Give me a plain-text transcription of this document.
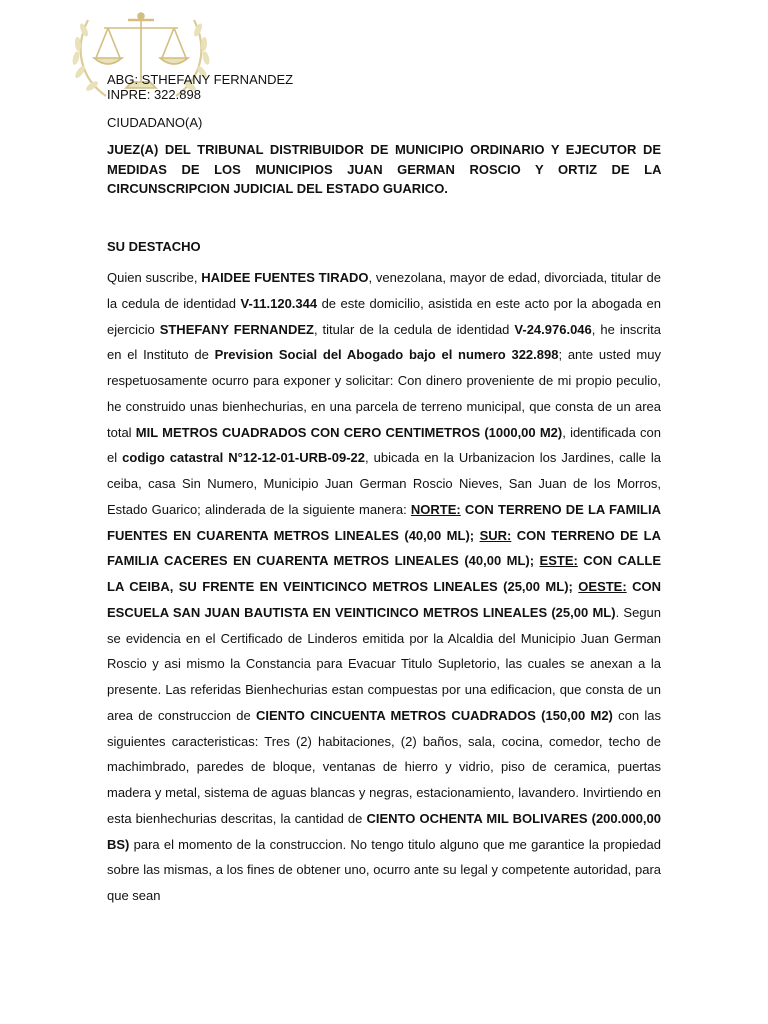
ABG: STHEFANY FERNANDEZ
INPRE: 322.898
CIUDADANO(A)
JUEZ(A) DEL TRIBUNAL DISTRIBUIDOR DE MUNICIPIO ORDINARIO Y EJECUTOR DE MEDIDAS DE LOS MUNICIPIOS JUAN GERMAN ROSCIO Y ORTIZ DE LA CIRCUNSCRIPCION JUDICIAL DEL ESTADO GUARICO.
SU DESTACHO
Quien suscribe, HAIDEE FUENTES TIRADO, venezolana, mayor de edad, divorciada, titular de la cedula de identidad V-11.120.344 de este domicilio, asistida en este acto por la abogada en ejercicio STHEFANY FERNANDEZ, titular de la cedula de identidad V-24.976.046, he inscrita en el Instituto de Prevision Social del Abogado bajo el numero 322.898; ante usted muy respetuosamente ocurro para exponer y solicitar: Con dinero proveniente de mi propio peculio, he construido unas bienhechurias, en una parcela de terreno municipal, que consta de un area total MIL METROS CUADRADOS CON CERO CENTIMETROS (1000,00 M2), identificada con el codigo catastral N°12-12-01-URB-09-22, ubicada en la Urbanizacion los Jardines, calle la ceiba, casa Sin Numero, Municipio Juan German Roscio Nieves, San Juan de los Morros, Estado Guarico; alinderada de la siguiente manera: NORTE: CON TERRENO DE LA FAMILIA FUENTES EN CUARENTA METROS LINEALES (40,00 ML); SUR: CON TERRENO DE LA FAMILIA CACERES EN CUARENTA METROS LINEALES (40,00 ML); ESTE: CON CALLE LA CEIBA, SU FRENTE EN VEINTICINCO METROS LINEALES (25,00 ML); OESTE: CON ESCUELA SAN JUAN BAUTISTA EN VEINTICINCO METROS LINEALES (25,00 ML). Segun se evidencia en el Certificado de Linderos emitida por la Alcaldia del Municipio Juan German Roscio y asi mismo la Constancia para Evacuar Titulo Supletorio, las cuales se anexan a la presente. Las referidas Bienhechurias estan compuestas por una edificacion, que consta de un area de construccion de CIENTO CINCUENTA METROS CUADRADOS (150,00 M2) con las siguientes caracteristicas: Tres (2) habitaciones, (2) baños, sala, cocina, comedor, techo de machimbrado, paredes de bloque, ventanas de hierro y vidrio, piso de ceramica, puertas madera y metal, sistema de aguas blancas y negras, estacionamiento, lavandero. Invirtiendo en esta bienhechurias descritas, la cantidad de CIENTO OCHENTA MIL BOLIVARES (200.000,00 BS) para el momento de la construccion. No tengo titulo alguno que me garantice la propiedad sobre las mismas, a los fines de obtener uno, ocurro ante su legal y competente autoridad, para que sean
